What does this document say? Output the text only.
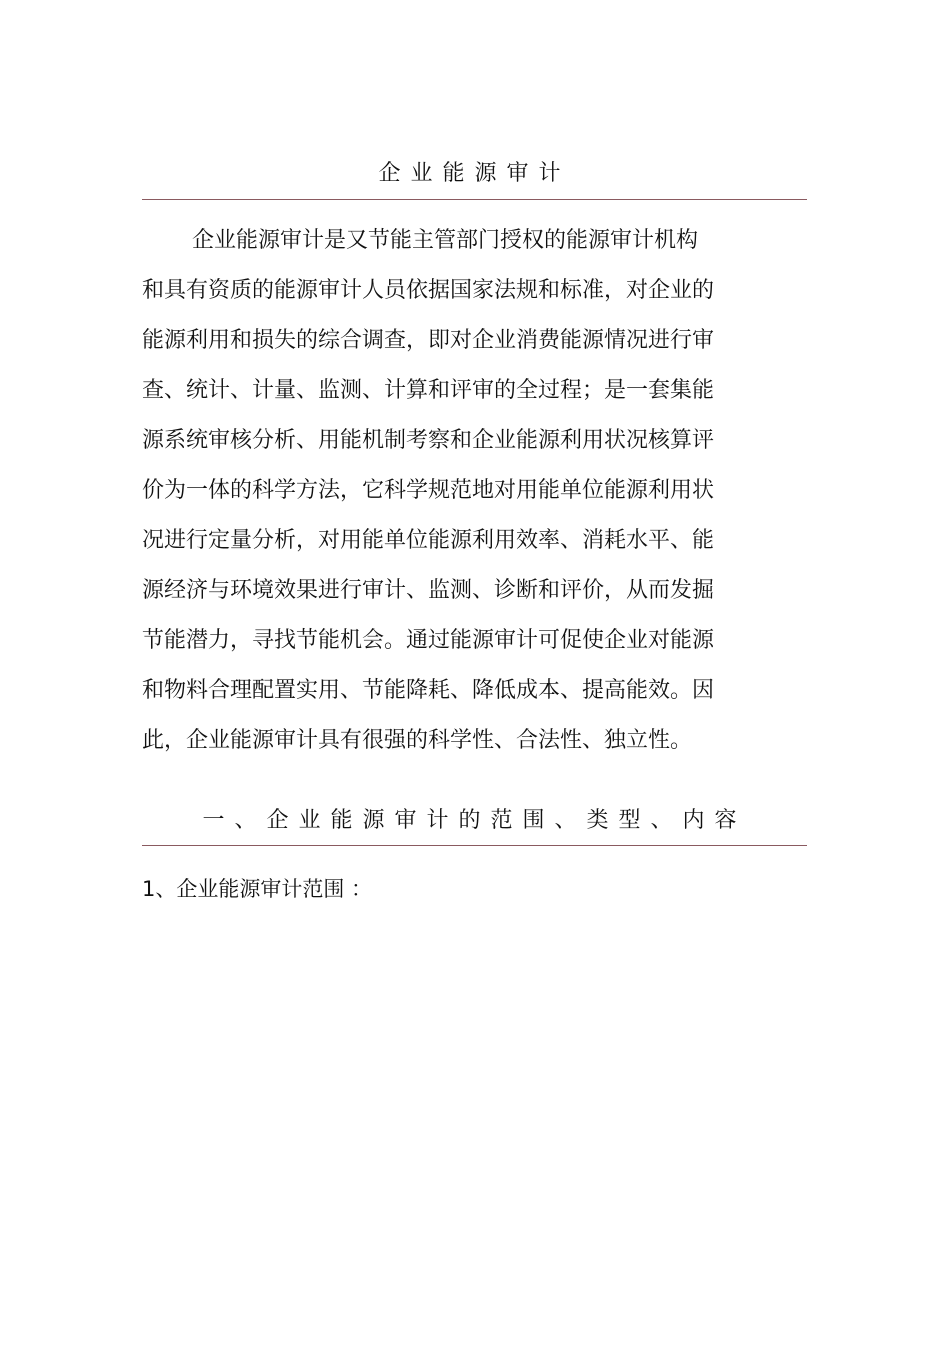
企业能源审计
企业能源审计是又节能主管部门授权的能源审计机构
和具有资质的能源审计人员依据国家法规和标准，对企业的
能源利用和损失的综合调查，即对企业消费能源情况进行审
查、统计、计量、监测、计算和评审的全过程；是一套集能
源系统审核分析、用能机制考察和企业能源利用状况核算评
价为一体的科学方法，它科学规范地对用能单位能源利用状
况进行定量分析，对用能单位能源利用效率、消耗水平、能
源经济与环境效果进行审计、监测、诊断和评价，从而发掘
节能潜力，寻找节能机会。通过能源审计可促使企业对能源
和物料合理配置实用、节能降耗、降低成本、提高能效。因
此，企业能源审计具有很强的科学性、合法性、独立性。
一、企业能源审计的范围、类型、内容
1、企业能源审计范围 ：
